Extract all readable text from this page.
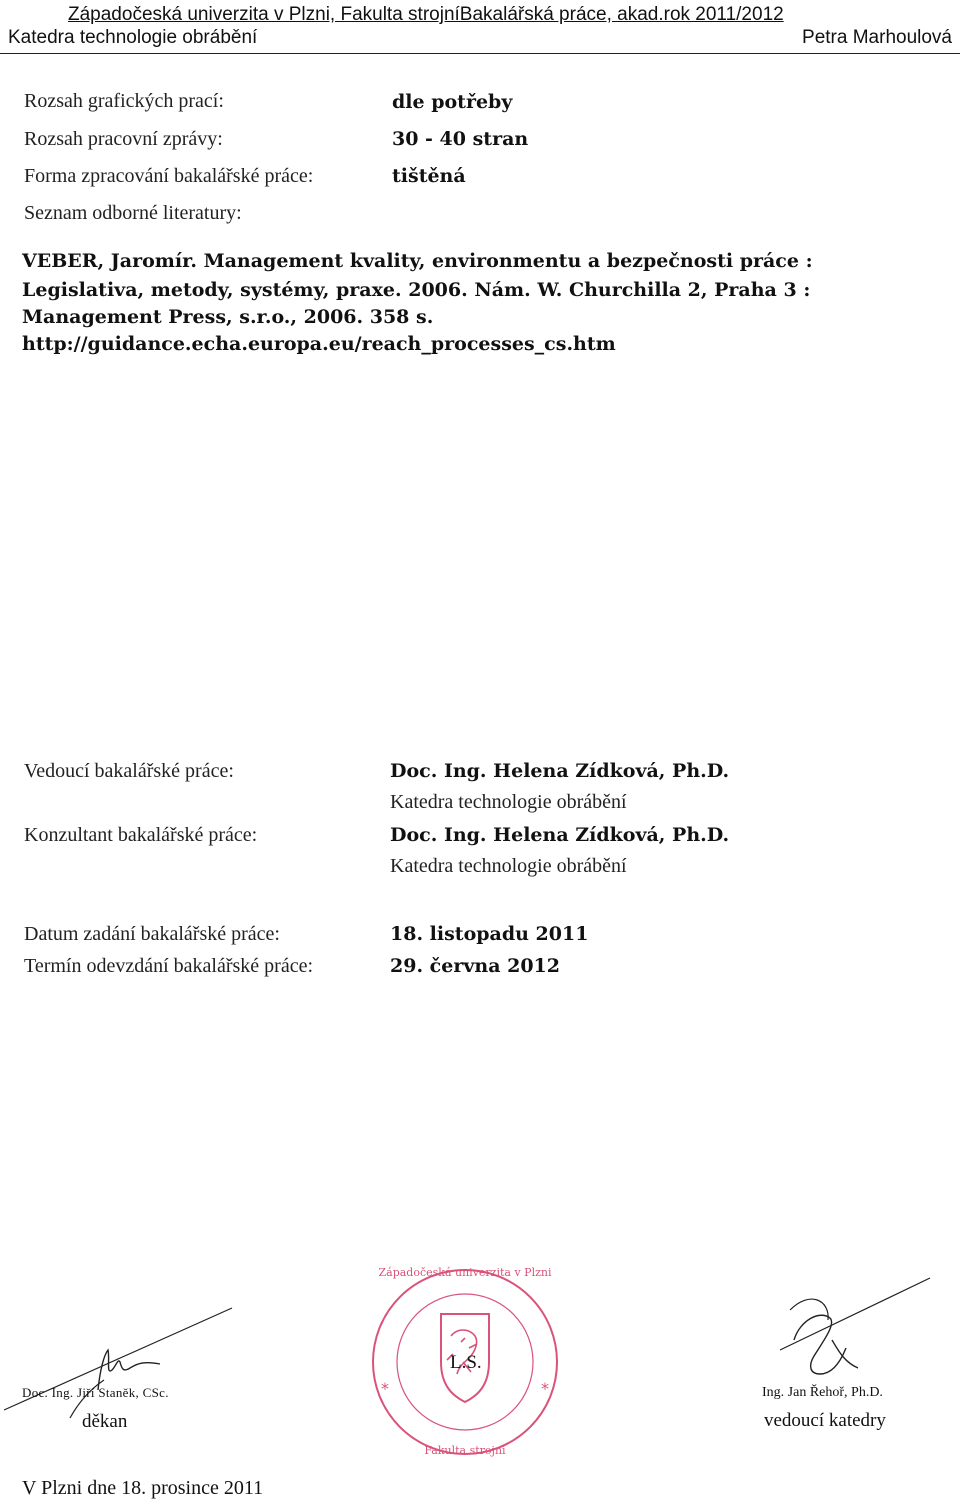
Západočeská univerzita v Plzni, Fakulta strojníBakalářská práce, akad.rok 2011/2012
Katedra technologie obrábění	Petra Marhoulová
Rozsah grafických prací:	dle potřeby
Rozsah pracovní zprávy:	30 - 40 stran
Forma zpracování bakalářské práce:	tištěná
Seznam odborné literatury:
VEBER, Jaromír. Management kvality, environmentu a bezpečnosti práce :
Legislativa, metody, systémy, praxe. 2006. Nám. W. Churchilla 2, Praha 3 :
Management Press, s.r.o., 2006. 358 s.
http://guidance.echa.europa.eu/reach_processes_cs.htm
Vedoucí bakalářské práce:	Doc. Ing. Helena Zídková, Ph.D.
Katedra technologie obrábění
Konzultant bakalářské práce:	Doc. Ing. Helena Zídková, Ph.D.
Katedra technologie obrábění
Datum zadání bakalářské práce:	18. listopadu 2011
Termín odevzdání bakalářské práce:	29. června 2012
Doc. Ing. Jiří Staněk, CSc.
děkan
Západočeská univerzita v Plzni
Fakulta strojní
*	*
L.S.
Ing. Jan Řehoř, Ph.D.
vedoucí katedry
V Plzni dne 18. prosince 2011
